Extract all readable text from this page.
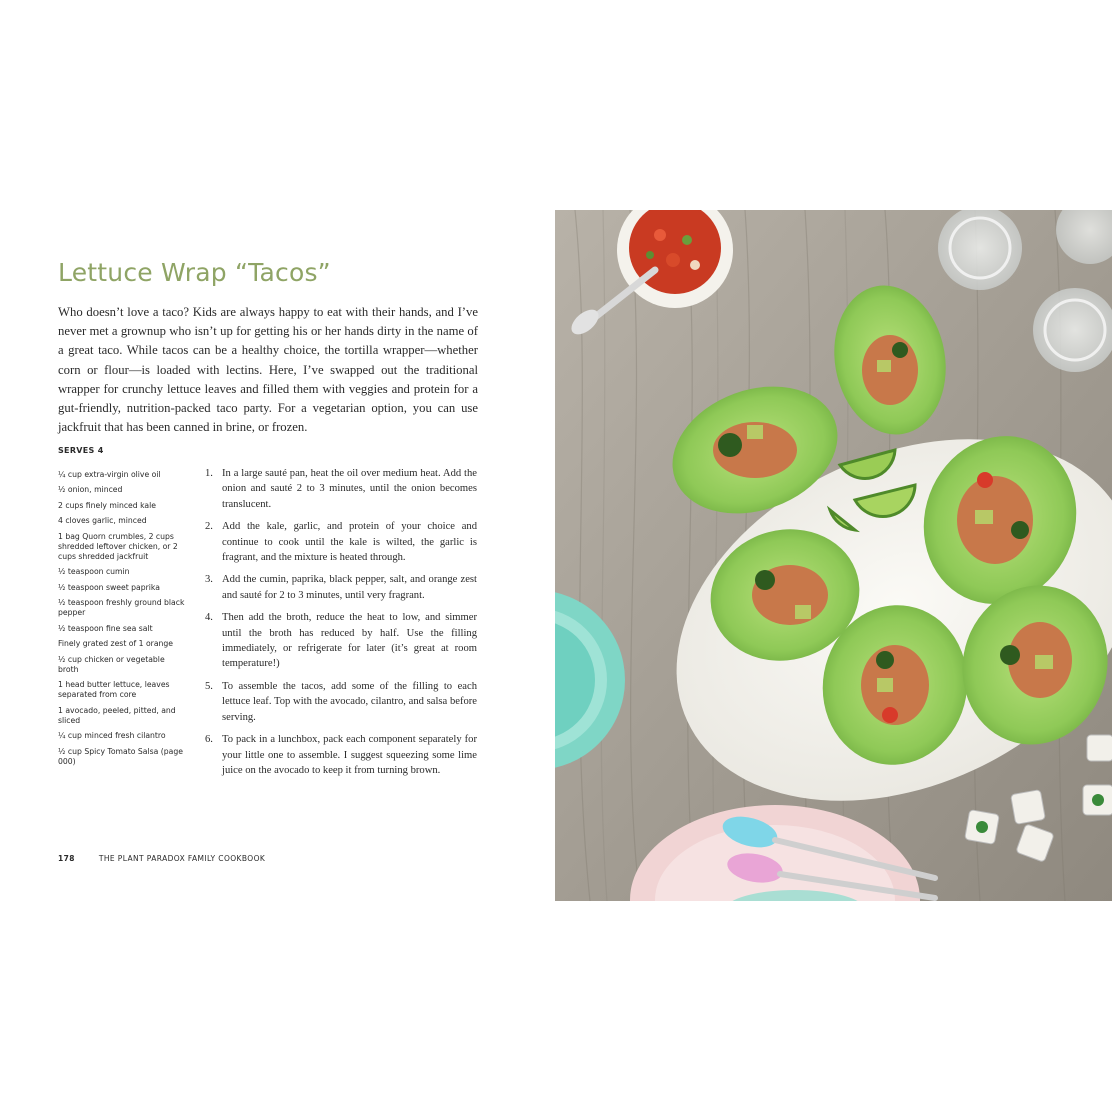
Lettuce Wrap “Tacos”

Who doesn’t love a taco? Kids are always happy to eat with their hands, and I’ve never met a grownup who isn’t up for getting his or her hands dirty in the name of a great taco. While tacos can be a healthy choice, the tortilla wrapper—whether corn or flour—is loaded with lectins. Here, I’ve swapped out the traditional wrapper for crunchy lettuce leaves and filled them with veggies and protein for a gut-friendly, nutrition-packed taco party. For a vegetarian option, you can use jackfruit that has been canned in brine, or frozen.

SERVES 4
¼ cup extra-virgin olive oil
½ onion, minced
2 cups finely minced kale
4 cloves garlic, minced
1 bag Quorn crumbles, 2 cups shredded leftover chicken, or 2 cups shredded jackfruit
½ teaspoon cumin
½ teaspoon sweet paprika
½ teaspoon freshly ground black pepper
½ teaspoon fine sea salt
Finely grated zest of 1 orange
½ cup chicken or vegetable broth
1 head butter lettuce, leaves separated from core
1 avocado, peeled, pitted, and sliced
¼ cup minced fresh cilantro
½ cup Spicy Tomato Salsa (page 000)
1. In a large sauté pan, heat the oil over medium heat. Add the onion and sauté 2 to 3 minutes, until the onion becomes translucent.
2. Add the kale, garlic, and protein of your choice and continue to cook until the kale is wilted, the garlic is fragrant, and the mixture is heated through.
3. Add the cumin, paprika, black pepper, salt, and orange zest and sauté for 2 to 3 minutes, until very fragrant.
4. Then add the broth, reduce the heat to low, and simmer until the broth has reduced by half. Use the filling immediately, or refrigerate for later (it’s great at room temperature!)
5. To assemble the tacos, add some of the filling to each lettuce leaf. Top with the avocado, cilantro, and salsa before serving.
6. To pack in a lunchbox, pack each component separately for your little one to assemble. I suggest squeezing some lime juice on the avocado to keep it from turning brown.
178	THE PLANT PARADOX FAMILY COOKBOOK
